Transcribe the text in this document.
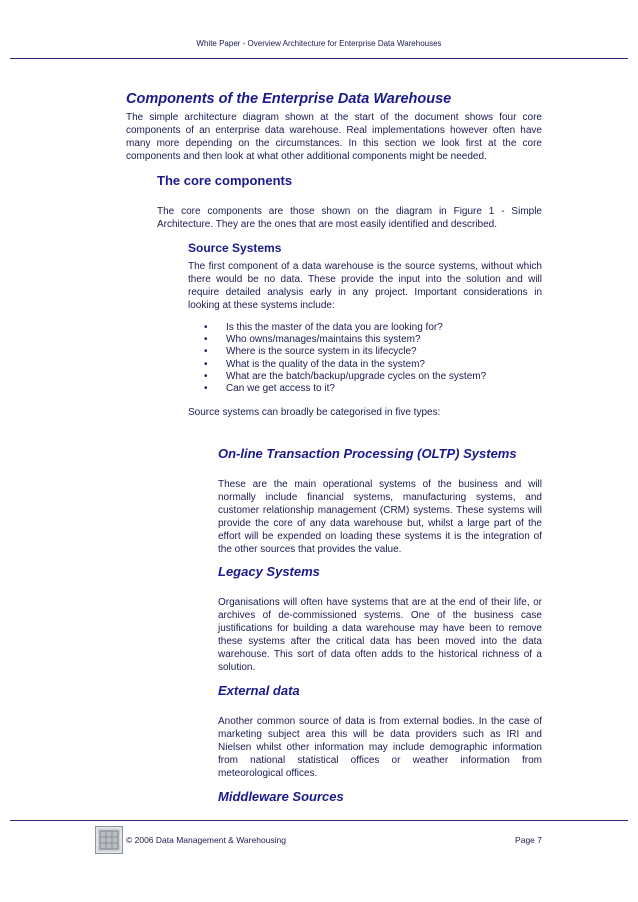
White Paper - Overview Architecture for Enterprise Data Warehouses
Components of the Enterprise Data Warehouse
The simple architecture diagram shown at the start of the document shows four core components of an enterprise data warehouse. Real implementations however often have many more depending on the circumstances. In this section we look first at the core components and then look at what other additional components might be needed.
The core components
The core components are those shown on the diagram in Figure 1 - Simple Architecture. They are the ones that are most easily identified and described.
Source Systems
The first component of a data warehouse is the source systems, without which there would be no data. These provide the input into the solution and will require detailed analysis early in any project. Important considerations in looking at these systems include:
• Is this the master of the data you are looking for?
• Who owns/manages/maintains this system?
• Where is the source system in its lifecycle?
• What is the quality of the data in the system?
• What are the batch/backup/upgrade cycles on the system?
• Can we get access to it?
Source systems can broadly be categorised in five types:
On-line Transaction Processing (OLTP) Systems
These are the main operational systems of the business and will normally include financial systems, manufacturing systems, and customer relationship management (CRM) systems. These systems will provide the core of any data warehouse but, whilst a large part of the effort will be expended on loading these systems it is the integration of the other sources that provides the value.
Legacy Systems
Organisations will often have systems that are at the end of their life, or archives of de-commissioned systems. One of the business case justifications for building a data warehouse may have been to remove these systems after the critical data has been moved into the data warehouse. This sort of data often adds to the historical richness of a solution.
External data
Another common source of data is from external bodies. In the case of marketing subject area this will be data providers such as IRI and Nielsen whilst other information may include demographic information from national statistical offices or weather information from meteorological offices.
Middleware Sources
© 2006 Data Management & Warehousing	Page 7
